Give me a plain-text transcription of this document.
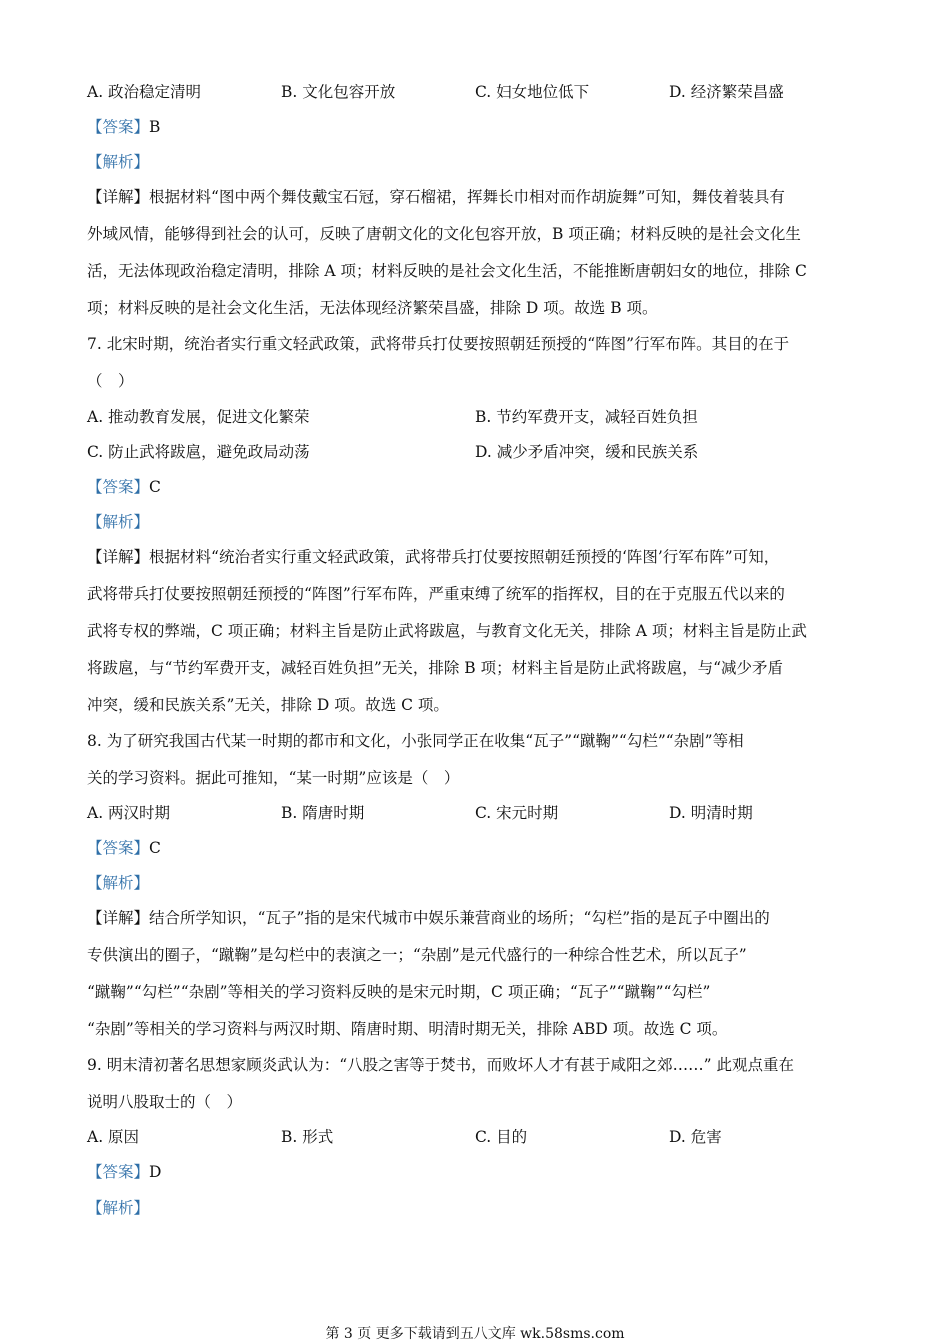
A. 政治稳定清明	B. 文化包容开放	C. 妇女地位低下	D. 经济繁荣昌盛
【答案】B
【解析】
【详解】根据材料“图中两个舞伎戴宝石冠，穿石榴裙，挥舞长巾相对而作胡旋舞”可知，舞伎着装具有
外域风情，能够得到社会的认可，反映了唐朝文化的文化包容开放，B 项正确；材料反映的是社会文化生
活，无法体现政治稳定清明，排除 A 项；材料反映的是社会文化生活，不能推断唐朝妇女的地位，排除 C
项；材料反映的是社会文化生活，无法体现经济繁荣昌盛，排除 D 项。故选 B 项。
7. 北宋时期，统治者实行重文轻武政策，武将带兵打仗要按照朝廷预授的“阵图”行军布阵。其目的在于
（　）
A. 推动教育发展，促进文化繁荣	B. 节约军费开支，减轻百姓负担
C. 防止武将跋扈，避免政局动荡	D. 减少矛盾冲突，缓和民族关系
【答案】C
【解析】
【详解】根据材料“统治者实行重文轻武政策，武将带兵打仗要按照朝廷预授的‘阵图’行军布阵”可知，
武将带兵打仗要按照朝廷预授的“阵图”行军布阵，严重束缚了统军的指挥权，目的在于克服五代以来的
武将专权的弊端，C 项正确；材料主旨是防止武将跋扈，与教育文化无关，排除 A 项；材料主旨是防止武
将跋扈，与“节约军费开支，减轻百姓负担”无关，排除 B 项；材料主旨是防止武将跋扈，与“减少矛盾
冲突，缓和民族关系”无关，排除 D 项。故选 C 项。
8. 为了研究我国古代某一时期的都市和文化，小张同学正在收集“瓦子”“蹴鞠”“勾栏”“杂剧”等相
关的学习资料。据此可推知，“某一时期”应该是（　）
A. 两汉时期	B. 隋唐时期	C. 宋元时期	D. 明清时期
【答案】C
【解析】
【详解】结合所学知识，“瓦子”指的是宋代城市中娱乐兼营商业的场所；“勾栏”指的是瓦子中圈出的
专供演出的圈子，“蹴鞠”是勾栏中的表演之一；“杂剧”是元代盛行的一种综合性艺术，所以瓦子”
“蹴鞠”“勾栏”“杂剧”等相关的学习资料反映的是宋元时期，C 项正确；“瓦子”“蹴鞠”“勾栏”
“杂剧”等相关的学习资料与两汉时期、隋唐时期、明清时期无关，排除 ABD 项。故选 C 项。
9. 明末清初著名思想家顾炎武认为：“八股之害等于焚书，而败坏人才有甚于咸阳之郊……” 此观点重在
说明八股取士的（　）
A. 原因	B. 形式	C. 目的	D. 危害
【答案】D
【解析】
第 3 页 更多下载请到五八文库 wk.58sms.com
